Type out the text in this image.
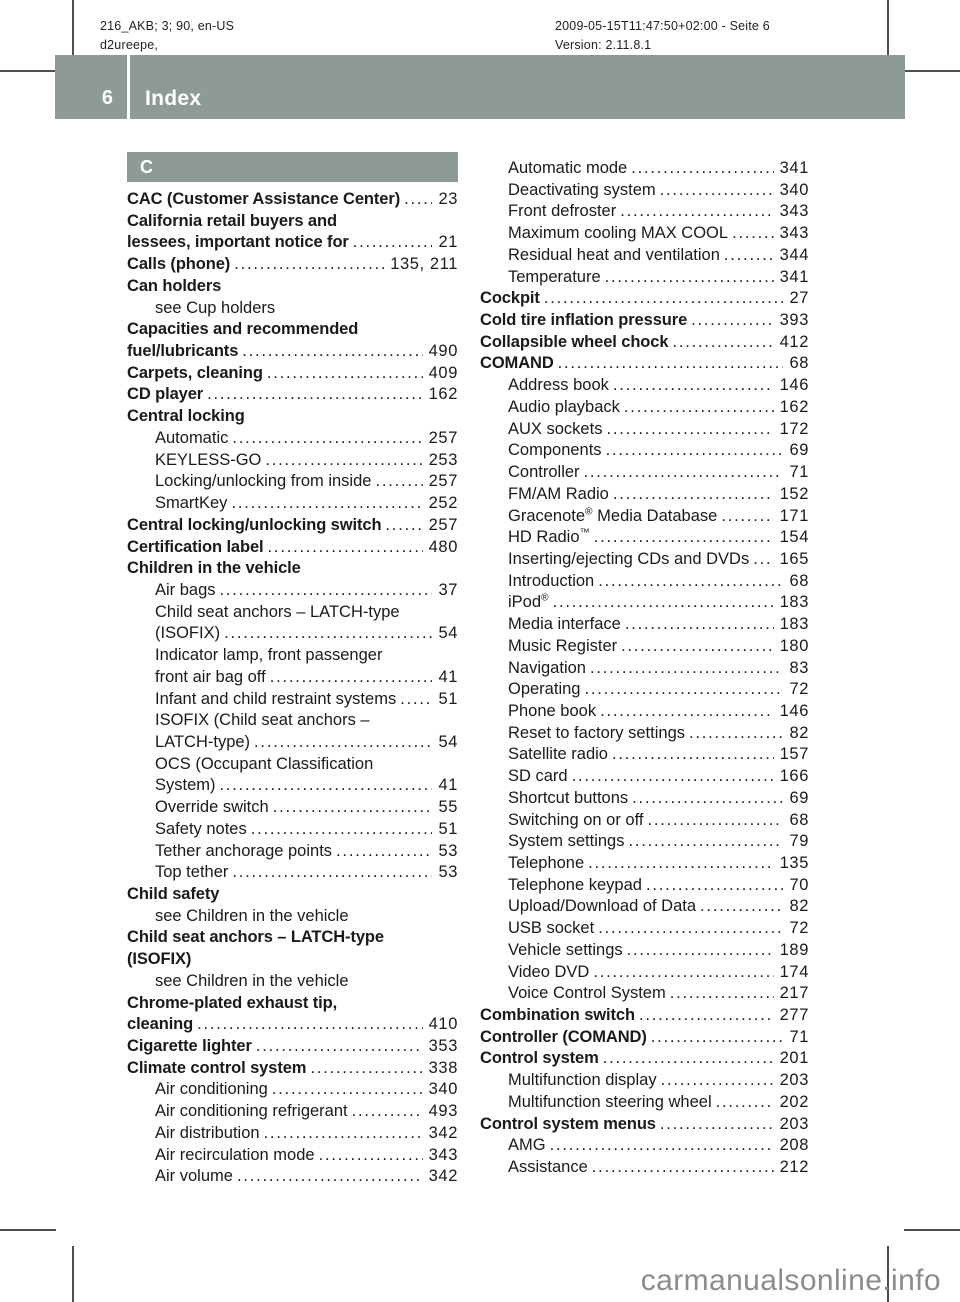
216_AKB; 3; 90, en-US
d2ureepe,
2009-05-15T11:47:50+02:00 - Seite 6
Version: 2.11.8.1
6	Index
C
CAC (Customer Assistance Center) .....	23
California retail buyers and
lessees, important notice for .....	21
Calls (phone) .....	135, 211
Can holders
see Cup holders
Capacities and recommended
fuel/lubricants .....	490
Carpets, cleaning .....	409
CD player .....	162
Central locking
Automatic .....	257
KEYLESS-GO .....	253
Locking/unlocking from inside .....	257
SmartKey .....	252
Central locking/unlocking switch .....	257
Certification label .....	480
Children in the vehicle
Air bags .....	37
Child seat anchors – LATCH-type
(ISOFIX) .....	54
Indicator lamp, front passenger
front air bag off .....	41
Infant and child restraint systems .....	51
ISOFIX (Child seat anchors –
LATCH-type) .....	54
OCS (Occupant Classification
System) .....	41
Override switch .....	55
Safety notes .....	51
Tether anchorage points .....	53
Top tether .....	53
Child safety
see Children in the vehicle
Child seat anchors – LATCH-type
(ISOFIX)
see Children in the vehicle
Chrome-plated exhaust tip,
cleaning .....	410
Cigarette lighter .....	353
Climate control system .....	338
Air conditioning .....	340
Air conditioning refrigerant .....	493
Air distribution .....	342
Air recirculation mode .....	343
Air volume .....	342
Automatic mode .....	341
Deactivating system .....	340
Front defroster .....	343
Maximum cooling MAX COOL .....	343
Residual heat and ventilation .....	344
Temperature .....	341
Cockpit .....	27
Cold tire inflation pressure .....	393
Collapsible wheel chock .....	412
COMAND .....	68
Address book .....	146
Audio playback .....	162
AUX sockets .....	172
Components .....	69
Controller .....	71
FM/AM Radio .....	152
Gracenote® Media Database .....	171
HD Radio™ .....	154
Inserting/ejecting CDs and DVDs .....	165
Introduction .....	68
iPod® .....	183
Media interface .....	183
Music Register .....	180
Navigation .....	83
Operating .....	72
Phone book .....	146
Reset to factory settings .....	82
Satellite radio .....	157
SD card .....	166
Shortcut buttons .....	69
Switching on or off .....	68
System settings .....	79
Telephone .....	135
Telephone keypad .....	70
Upload/Download of Data .....	82
USB socket .....	72
Vehicle settings .....	189
Video DVD .....	174
Voice Control System .....	217
Combination switch .....	277
Controller (COMAND) .....	71
Control system .....	201
Multifunction display .....	203
Multifunction steering wheel .....	202
Control system menus .....	203
AMG .....	208
Assistance .....	212
carmanualsonline.info
